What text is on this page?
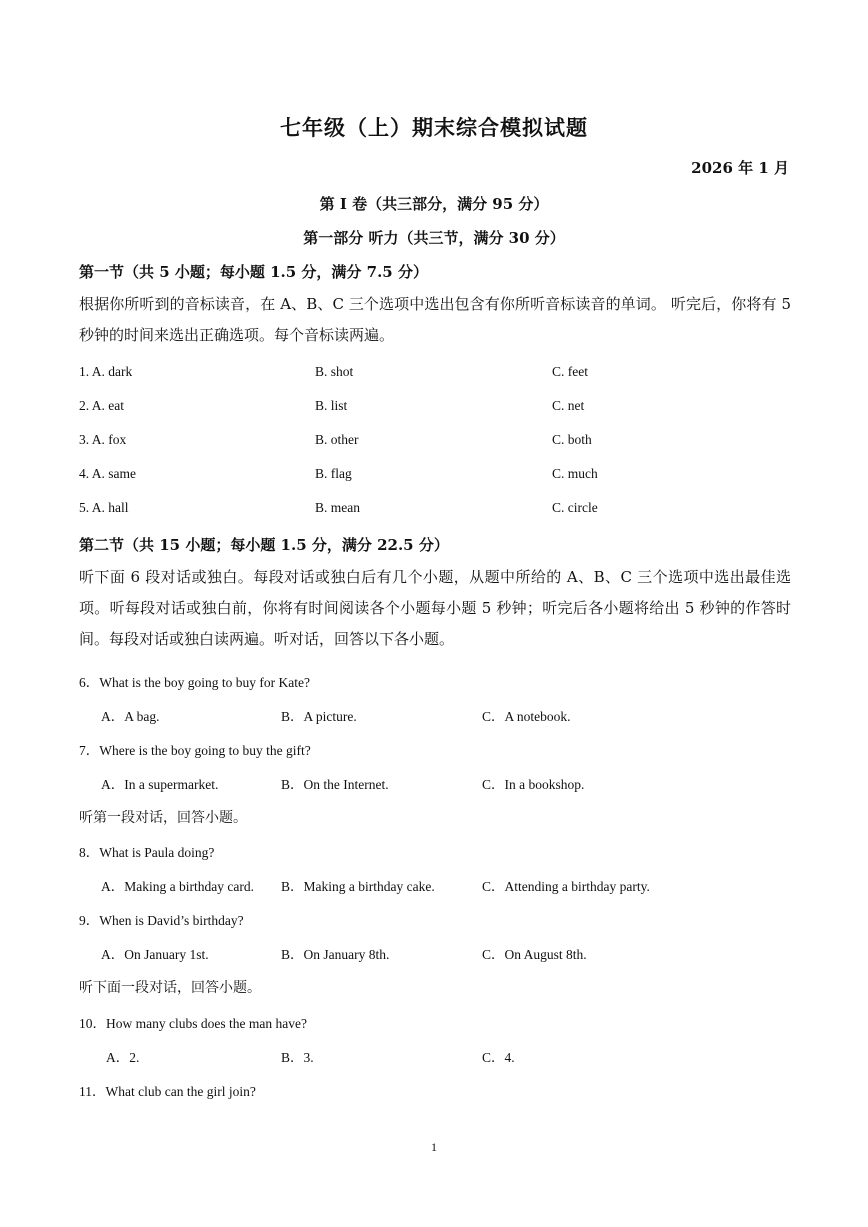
七年级（上）期末综合模拟试题
2026 年 1 月
第 I 卷（共三部分，满分 95 分）
第一部分 听力（共三节，满分 30 分）
第一节（共 5 小题；每小题 1.5 分，满分 7.5 分）
根据你所听到的音标读音，在 A、B、C 三个选项中选出包含有你所听音标读音的单词。 听完后，你将有 5 秒钟的时间来选出正确选项。每个音标读两遍。
1. A. dark	B. shot	C. feet
2. A. eat	B. list	C. net
3. A. fox	B. other	C. both
4. A. same	B. flag	C. much
5. A. hall	B. mean	C. circle
第二节（共 15 小题；每小题 1.5 分，满分 22.5 分）
听下面 6 段对话或独白。每段对话或独白后有几个小题，从题中所给的 A、B、C 三个选项中选出最佳选项。听每段对话或独白前，你将有时间阅读各个小题每小题 5 秒钟；听完后各小题将给出 5 秒钟的作答时间。每段对话或独白读两遍。听对话，回答以下各小题。
6．What is the boy going to buy for Kate?
A．A bag.	B．A picture.	C．A notebook.
7．Where is the boy going to buy the gift?
A．In a supermarket.	B．On the Internet.	C．In a bookshop.
听第一段对话，回答小题。
8．What is Paula doing?
A．Making a birthday card. B．Making a birthday cake.	C．Attending a birthday party.
9．When is David’s birthday?
A．On January 1st.	B．On January 8th.	C．On August 8th.
听下面一段对话，回答小题。
10．How many clubs does the man have?
A．2.	B．3.	C．4.
11．What club can the girl join?
1
